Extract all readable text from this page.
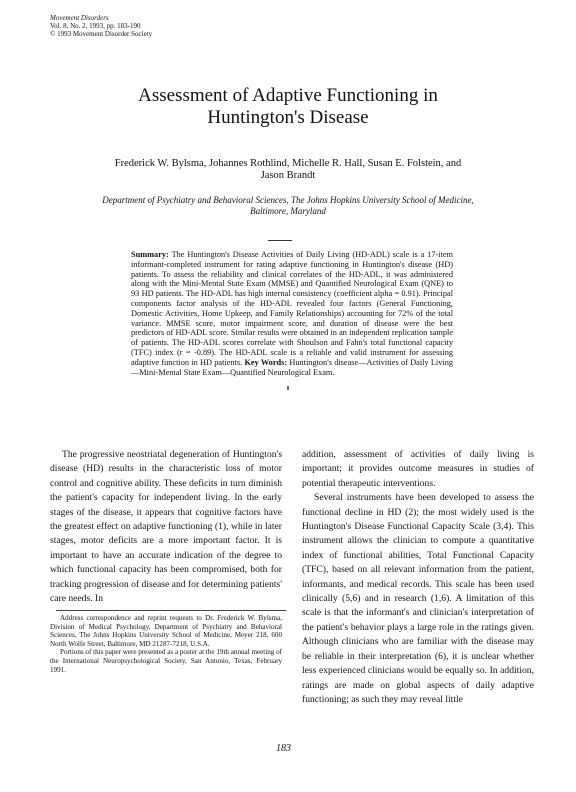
Movement Disorders
Vol. 8, No. 2, 1993, pp. 183-190
© 1993 Movement Disorder Society
Assessment of Adaptive Functioning in
Huntington's Disease
Frederick W. Bylsma, Johannes Rothlind, Michelle R. Hall, Susan E. Folstein, and
Jason Brandt
Department of Psychiatry and Behavioral Sciences, The Johns Hopkins University School of Medicine,
Baltimore, Maryland
Summary: The Huntington's Disease Activities of Daily Living (HD-ADL) scale is a 17-item informant-completed instrument for rating adaptive functioning in Huntington's disease (HD) patients. To assess the reliability and clinical correlates of the HD-ADL, it was administered along with the Mini-Mental State Exam (MMSE) and Quantified Neurological Exam (QNE) to 93 HD patients. The HD-ADL has high internal consistency (coefficient alpha = 0.91). Principal components factor analysis of the HD-ADL revealed four factors (General Functioning, Domestic Activities, Home Upkeep, and Family Relationships) accounting for 72% of the total variance. MMSE score, motor impairment score, and duration of disease were the best predictors of HD-ADL score. Similar results were obtained in an independent replication sample of patients. The HD-ADL scores correlate with Shoulson and Fahn's total functional capacity (TFC) index (r = -0.89). The HD-ADL scale is a reliable and valid instrument for assessing adaptive function in HD patients. Key Words: Huntington's disease—Activities of Daily Living—Mini-Mental State Exam—Quantified Neurological Exam.

The progressive neostriatal degeneration of Huntington's disease (HD) results in the characteristic loss of motor control and cognitive ability. These deficits in turn diminish the patient's capacity for independent living. In the early stages of the disease, it appears that cognitive factors have the greatest effect on adaptive functioning (1), while in later stages, motor deficits are a more important factor. It is important to have an accurate indication of the degree to which functional capacity has been compromised, both for tracking progression of disease and for determining patients' care needs. In

addition, assessment of activities of daily living is important; it provides outcome measures in studies of potential therapeutic interventions.

Several instruments have been developed to assess the functional decline in HD (2); the most widely used is the Huntington's Disease Functional Capacity Scale (3,4). This instrument allows the clinician to compute a quantitative index of functional abilities, Total Functional Capacity (TFC), based on all relevant information from the patient, informants, and medical records. This scale has been used clinically (5,6) and in research (1,6). A limitation of this scale is that the informant's and clinician's interpretation of the patient's behavior plays a large role in the ratings given. Although clinicians who are familiar with the disease may be reliable in their interpretation (6), it is unclear whether less experienced clinicians would be equally so. In addition, ratings are made on global aspects of daily adaptive functioning; as such they may reveal little

Address correspondence and reprint requests to Dr. Frederick W. Bylsma, Division of Medical Psychology, Department of Psychiatry and Behavioral Sciences, The Johns Hopkins University School of Medicine, Meyer 218, 600 North Wolfe Street, Baltimore, MD 21287-7218, U.S.A.

Portions of this paper were presented as a poster at the 19th annual meeting of the International Neuropsychological Society, San Antonio, Texas, February 1991.

183
